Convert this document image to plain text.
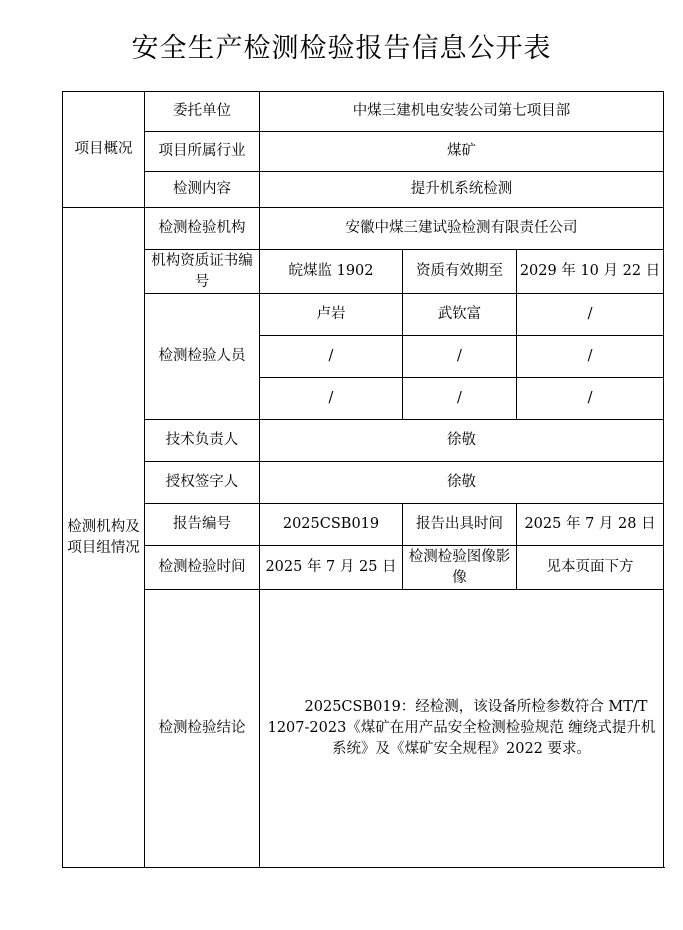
安全生产检测检验报告信息公开表
项目概况	委托单位	中煤三建机电安装公司第七项目部		
	项目所属行业	煤矿		
	检测内容	提升机系统检测		
检测机构及项目组情况	检测检验机构	安徽中煤三建试验检测有限责任公司		
	机构资质证书编号	皖煤监 1902	资质有效期至	2029 年 10 月 22 日
	检测检验人员	卢岩	武钦富	/
		/	/	/
		/	/	/
	技术负责人	徐敬		
	授权签字人	徐敬		
	报告编号	2025CSB019	报告出具时间	2025 年 7 月 28 日
	检测检验时间	2025 年 7 月 25 日	检测检验图像影像	见本页面下方
	检测检验结论	2025CSB019：经检测，该设备所检参数符合 MT/T 1207-2023《煤矿在用产品安全检测检验规范 缠绕式提升机系统》及《煤矿安全规程》2022 要求。		
